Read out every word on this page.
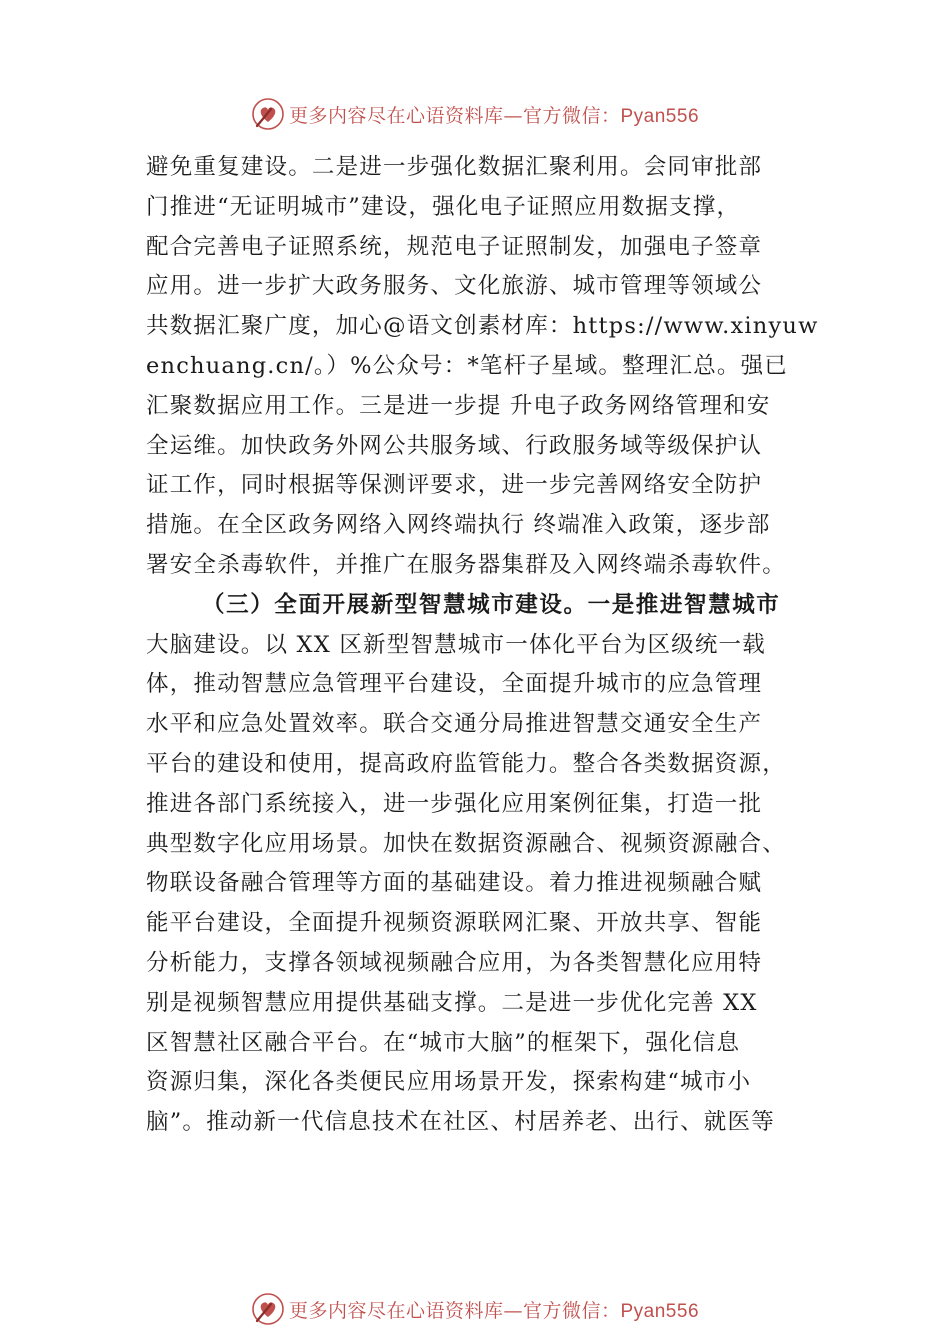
更多内容尽在心语资料库—官方微信：Pyan556
避免重复建设。二是进一步强化数据汇聚利用。会同审批部
门推进“无证明城市”建设，强化电子证照应用数据支撑，
配合完善电子证照系统，规范电子证照制发，加强电子签章
应用。进一步扩大政务服务、文化旅游、城市管理等领域公
共数据汇聚广度，加心@语文创素材库：https://www.xinyuw
enchuang.cn/。）%公众号：*笔杆子星域。整理汇总。强已
汇聚数据应用工作。三是进一步提 升电子政务网络管理和安
全运维。加快政务外网公共服务域、行政服务域等级保护认
证工作，同时根据等保测评要求，进一步完善网络安全防护
措施。在全区政务网络入网终端执行 终端准入政策，逐步部
署安全杀毒软件，并推广在服务器集群及入网终端杀毒软件。
（三）全面开展新型智慧城市建设。一是推进智慧城市
大脑建设。以 XX 区新型智慧城市一体化平台为区级统一载
体，推动智慧应急管理平台建设，全面提升城市的应急管理
水平和应急处置效率。联合交通分局推进智慧交通安全生产
平台的建设和使用，提高政府监管能力。整合各类数据资源，
推进各部门系统接入，进一步强化应用案例征集，打造一批
典型数字化应用场景。加快在数据资源融合、视频资源融合、
物联设备融合管理等方面的基础建设。着力推进视频融合赋
能平台建设，全面提升视频资源联网汇聚、开放共享、智能
分析能力，支撑各领域视频融合应用，为各类智慧化应用特
别是视频智慧应用提供基础支撑。二是进一步优化完善 XX
区智慧社区融合平台。在“城市大脑”的框架下，强化信息
资源归集，深化各类便民应用场景开发，探索构建“城市小
脑”。推动新一代信息技术在社区、村居养老、出行、就医等
更多内容尽在心语资料库—官方微信：Pyan556
